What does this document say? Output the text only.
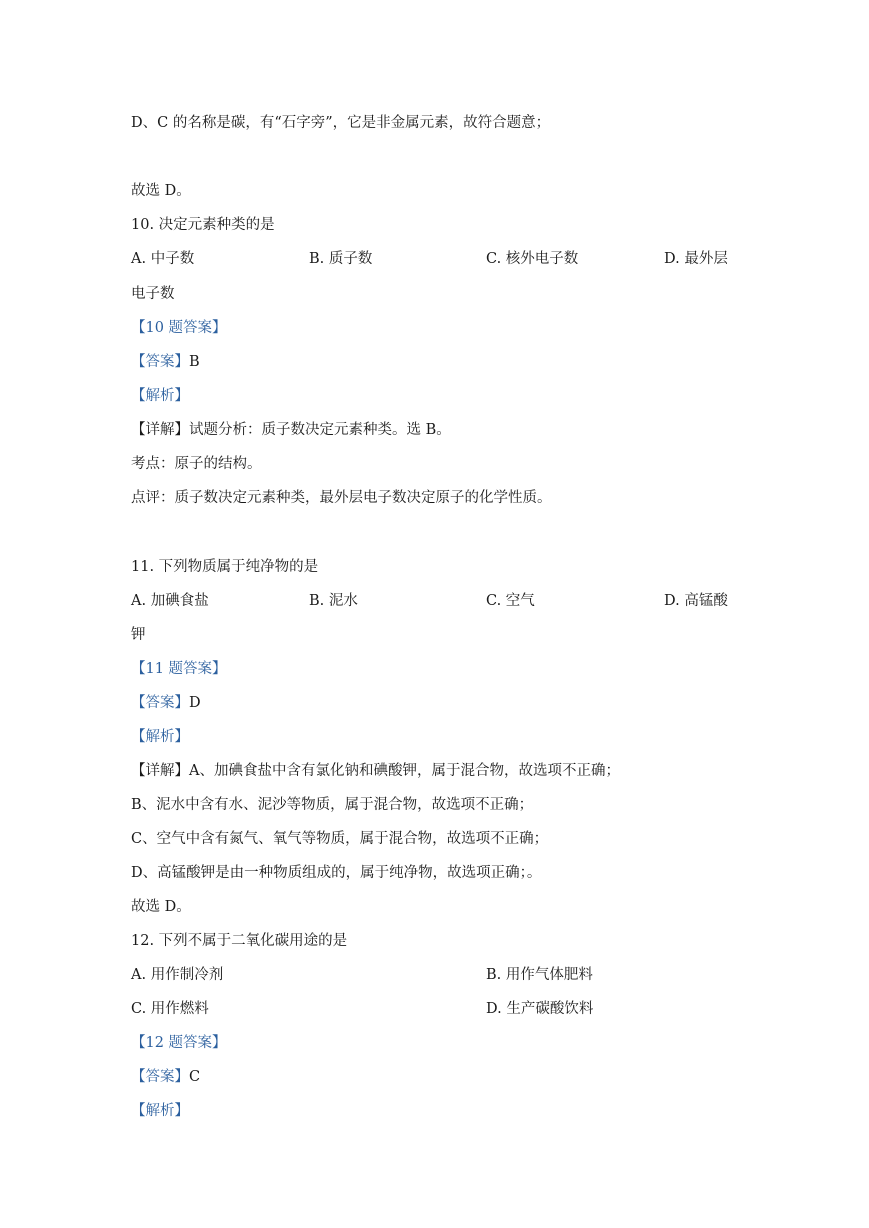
D、C 的名称是碳，有“石字旁”，它是非金属元素，故符合题意；
故选 D。
10. 决定元素种类的是
A. 中子数	B. 质子数	C. 核外电子数	D. 最外层
电子数
【10 题答案】
【答案】B
【解析】
【详解】试题分析：质子数决定元素种类。选 B。
考点：原子的结构。
点评：质子数决定元素种类，最外层电子数决定原子的化学性质。
11. 下列物质属于纯净物的是
A. 加碘食盐	B. 泥水	C. 空气	D. 高锰酸
钾
【11 题答案】
【答案】D
【解析】
【详解】A、加碘食盐中含有氯化钠和碘酸钾，属于混合物，故选项不正确；
B、泥水中含有水、泥沙等物质，属于混合物，故选项不正确；
C、空气中含有氮气、氧气等物质，属于混合物，故选项不正确；
D、高锰酸钾是由一种物质组成的，属于纯净物，故选项正确；。
故选 D。
12. 下列不属于二氧化碳用途的是
A. 用作制冷剂	B. 用作气体肥料
C. 用作燃料	D. 生产碳酸饮料
【12 题答案】
【答案】C
【解析】
